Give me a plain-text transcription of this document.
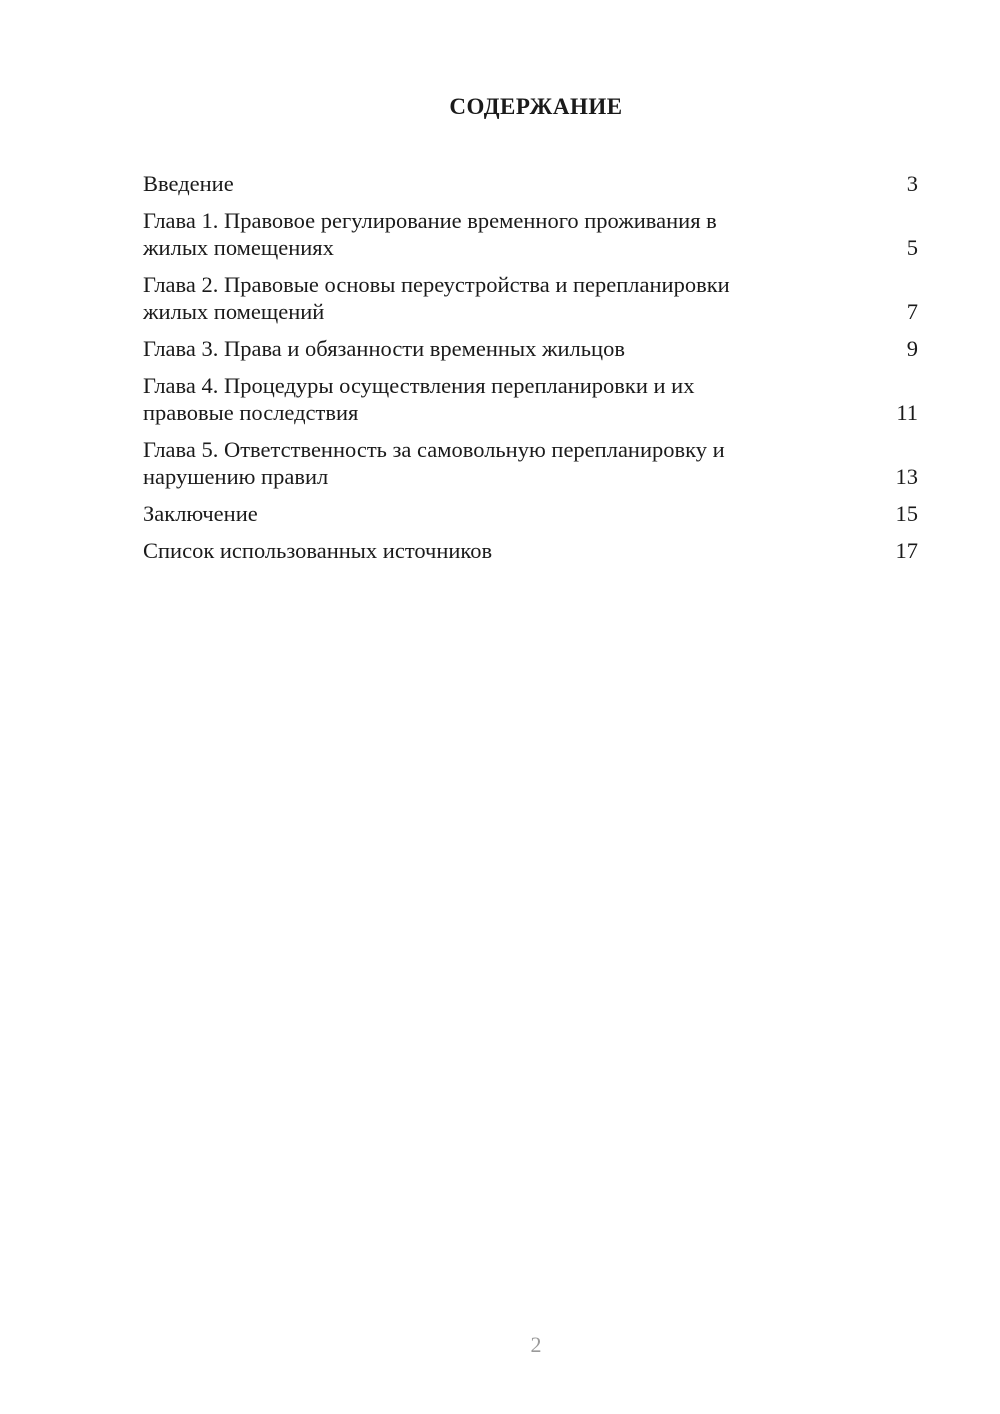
СОДЕРЖАНИЕ
Введение	3
Глава 1. Правовое регулирование временного проживания в
жилых помещениях	5
Глава 2. Правовые основы переустройства и перепланировки
жилых помещений	7
Глава 3. Права и обязанности временных жильцов	9
Глава 4. Процедуры осуществления перепланировки и их
правовые последствия	11
Глава 5. Ответственность за самовольную перепланировку и
нарушению правил	13
Заключение	15
Список использованных источников	17
2
